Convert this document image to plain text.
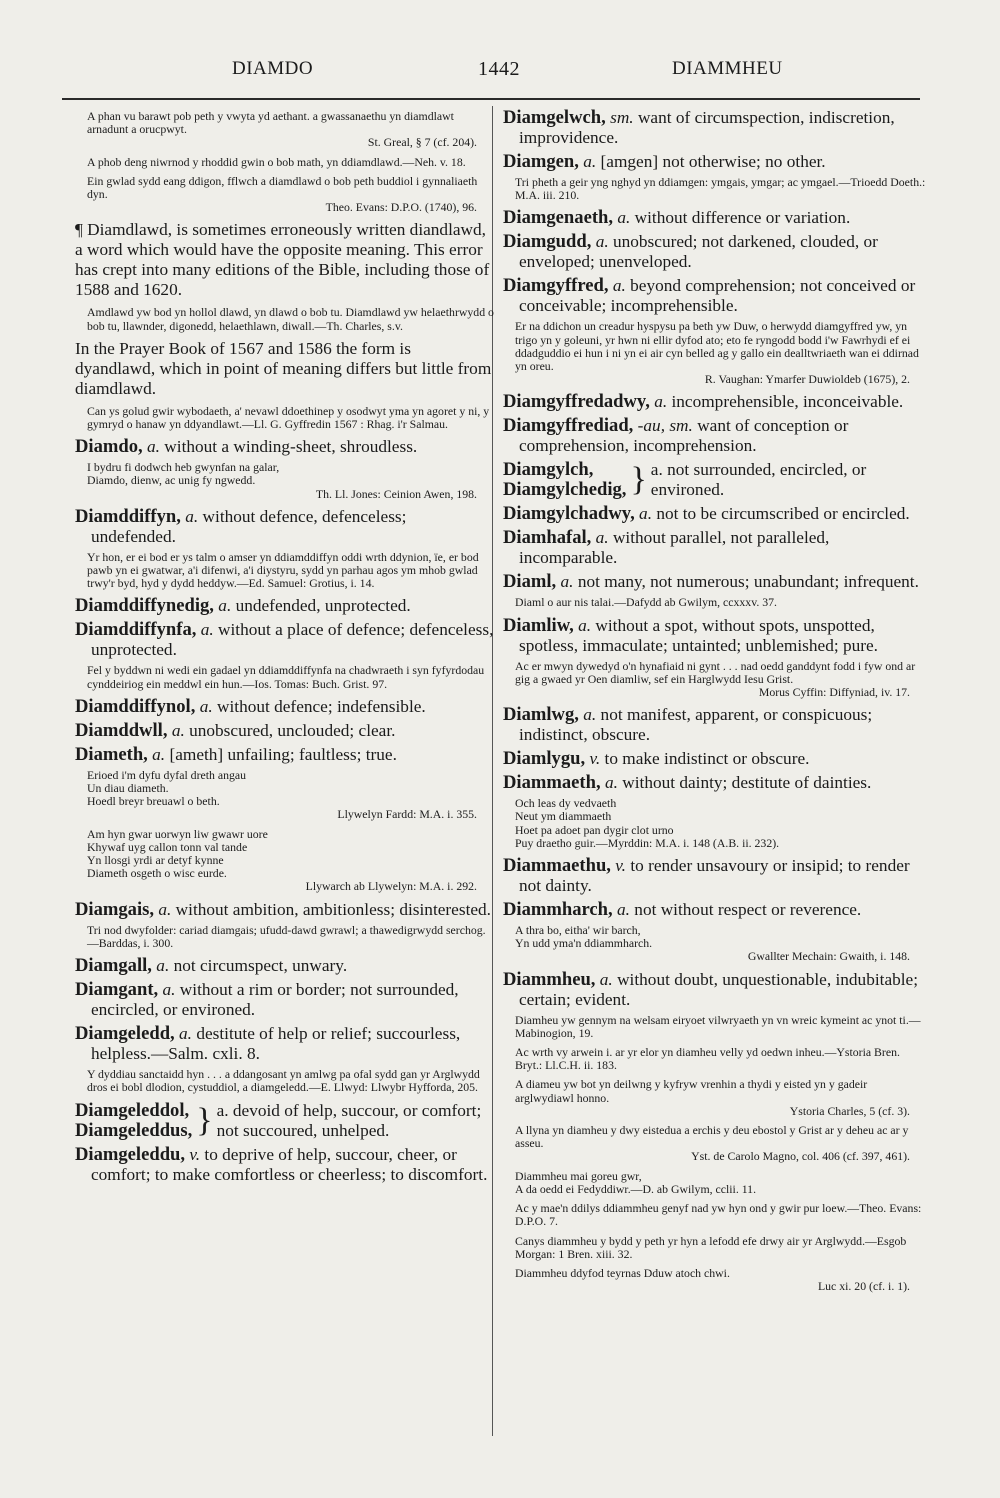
DIAMDO	1442	DIAMMHEU
A phan vu barawt pob peth y vwyta yd aethant. a gwassanaethu yn diamdlawt arnadunt a orucpwyt.
St. Greal, § 7 (cf. 204).
A phob deng niwrnod y rhoddid gwin o bob math, yn ddiamdlawd.—Neh. v. 18.
Ein gwlad sydd eang ddigon, fflwch a diamdlawd o bob peth buddiol i gynnaliaeth dyn.
Theo. Evans: D.P.O. (1740), 96.
¶ Diamdlawd, is sometimes erroneously written diandlawd, a word which would have the opposite meaning. This error has crept into many editions of the Bible, including those of 1588 and 1620.
Amdlawd yw bod yn hollol dlawd, yn dlawd o bob tu. Diamdlawd yw helaethrwydd o bob tu, llawnder, digonedd, helaethlawn, diwall.—Th. Charles, s.v.
In the Prayer Book of 1567 and 1586 the form is dyandlawd, which in point of meaning differs but little from diamdlawd.
Can ys golud gwir wybodaeth, a' nevawl ddoethinep y osodwyt yma yn agoret y ni, y gymryd o hanaw yn ddyandlawt.—Ll. G. Gyffredin 1567 : Rhag. i'r Salmau.
Diamdo, a. without a winding-sheet, shroudless.
I bydru fi dodwch heb gwynfan na galar,
Diamdo, dienw, ac unig fy ngwedd.
Th. Ll. Jones: Ceinion Awen, 198.
Diamddiffyn, a. without defence, defenceless; undefended.
Yr hon, er ei bod er ys talm o amser yn ddiamddiffyn oddi wrth ddynion, ïe, er bod pawb yn ei gwatwar, a'i difenwi, a'i diystyru, sydd yn parhau agos ym mhob gwlad trwy'r byd, hyd y dydd heddyw.—Ed. Samuel: Grotius, i. 14.
Diamddiffynedig, a. undefended, unprotected.
Diamddiffynfa, a. without a place of defence; defenceless, unprotected.
Fel y byddwn ni wedi ein gadael yn ddiamddiffynfa na chadwraeth i syn fyfyrdodau cynddeiriog ein meddwl ein hun.—Ios. Tomas: Buch. Grist. 97.
Diamddiffynol, a. without defence; indefensible.
Diamddwll, a. unobscured, unclouded; clear.
Diameth, a. [ameth] unfailing; faultless; true.
Erioed i'm dyfu dyfal dreth angau
Un diau diameth.
Hoedl breyr breuawl o beth.
Llywelyn Fardd: M.A. i. 355.
Am hyn gwar uorwyn liw gwawr uore
Khywaf uyg callon tonn val tande
Yn llosgi yrdi ar detyf kynne
Diameth osgeth o wisc eurde.
Llywarch ab Llywelyn: M.A. i. 292.
Diamgais, a. without ambition, ambitionless; disinterested.
Tri nod dwyfolder: cariad diamgais; ufudd-dawd gwrawl; a thawedigrwydd serchog.—Barddas, i. 300.
Diamgall, a. not circumspect, unwary.
Diamgant, a. without a rim or border; not surrounded, encircled, or environed.
Diamgeledd, a. destitute of help or relief; succourless, helpless.—Salm. cxli. 8.
Y dyddiau sanctaidd hyn . . . a ddangosant yn amlwg pa ofal sydd gan yr Arglwydd dros ei bobl dlodion, cystuddiol, a diamgeledd.—E. Llwyd: Llwybr Hyfforda, 205.
Diamgeleddol,
Diamgeleddus, } a. devoid of help, succour, or comfort; not succoured, unhelped.
Diamgeleddu, v. to deprive of help, succour, cheer, or comfort; to make comfortless or cheerless; to discomfort.
Diamgelwch, sm. want of circumspection, indiscretion, improvidence.
Diamgen, a. [amgen] not otherwise; no other.
Tri pheth a geir yng nghyd yn ddiamgen: ymgais, ymgar; ac ymgael.—Trioedd Doeth.: M.A. iii. 210.
Diamgenaeth, a. without difference or variation.
Diamgudd, a. unobscured; not darkened, clouded, or enveloped; unenveloped.
Diamgyffred, a. beyond comprehension; not conceived or conceivable; incomprehensible.
Er na ddichon un creadur hyspysu pa beth yw Duw, o herwydd diamgyffred yw, yn trigo yn y goleuni, yr hwn ni ellir dyfod ato; eto fe ryngodd bodd i'w Fawrhydi ef ei ddadguddio ei hun i ni yn ei air cyn belled ag y gallo ein dealltwriaeth wan ei ddirnad yn oreu.
R. Vaughan: Ymarfer Duwioldeb (1675), 2.
Diamgyffredadwy, a. incomprehensible, inconceivable.
Diamgyffrediad, -au, sm. want of conception or comprehension, incomprehension.
Diamgylch,
Diamgylchedig, } a. not surrounded, encircled, or environed.
Diamgylchadwy, a. not to be circumscribed or encircled.
Diamhafal, a. without parallel, not paralleled, incomparable.
Diaml, a. not many, not numerous; unabundant; infrequent.
Diaml o aur nis talai.—Dafydd ab Gwilym, ccxxxv. 37.
Diamliw, a. without a spot, without spots, unspotted, spotless, immaculate; untainted; unblemished; pure.
Ac er mwyn dywedyd o'n hynafiaid ni gynt . . . nad oedd ganddynt fodd i fyw ond ar gig a gwaed yr Oen diamliw, sef ein Harglwydd Iesu Grist.
Morus Cyffin: Diffyniad, iv. 17.
Diamlwg, a. not manifest, apparent, or conspicuous; indistinct, obscure.
Diamlygu, v. to make indistinct or obscure.
Diammaeth, a. without dainty; destitute of dainties.
Och leas dy vedvaeth
Neut ym diammaeth
Hoet pa adoet pan dygir clot urno
Puy draetho guir.—Myrddin: M.A. i. 148 (A.B. ii. 232).
Diammaethu, v. to render unsavoury or insipid; to render not dainty.
Diammharch, a. not without respect or reverence.
A thra bo, eitha' wir barch,
Yn udd yma'n ddiammharch.
Gwallter Mechain: Gwaith, i. 148.
Diammheu, a. without doubt, unquestionable, indubitable; certain; evident.
Diamheu yw gennym na welsam eiryoet vilwryaeth yn vn wreic kymeint ac ynot ti.—Mabinogion, 19.
Ac wrth vy arwein i. ar yr elor yn diamheu velly yd oedwn inheu.—Ystoria Bren. Bryt.: Ll.C.H. ii. 183.
A diameu yw bot yn deilwng y kyfryw vrenhin a thydi y eisted yn y gadeir arglwydiawl honno.
Ystoria Charles, 5 (cf. 3).
A llyna yn diamheu y dwy eistedua a erchis y deu ebostol y Grist ar y deheu ac ar y asseu.
Yst. de Carolo Magno, col. 406 (cf. 397, 461).
Diammheu mai goreu gwr,
A da oedd ei Fedyddiwr.—D. ab Gwilym, cclii. 11.
Ac y mae'n ddilys ddiammheu genyf nad yw hyn ond y gwir pur loew.—Theo. Evans: D.P.O. 7.
Canys diammheu y bydd y peth yr hyn a lefodd efe drwy air yr Arglwydd.—Esgob Morgan: 1 Bren. xiii. 32.
Diammheu ddyfod teyrnas Dduw atoch chwi.
Luc xi. 20 (cf. i. 1).
